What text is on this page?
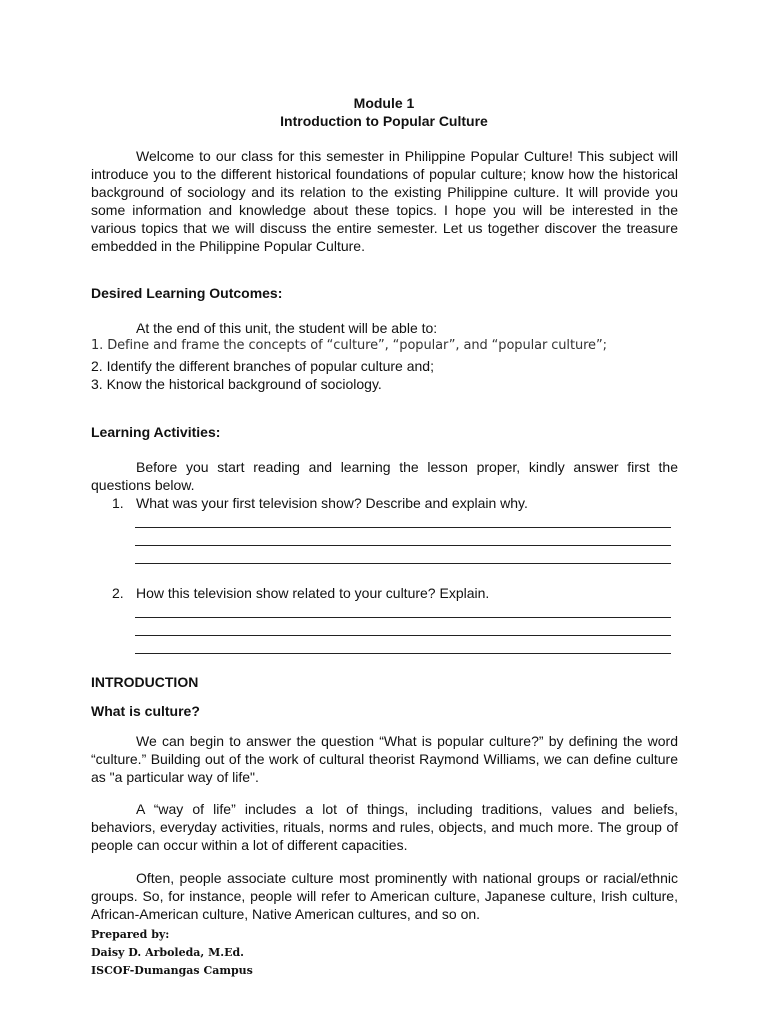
Module 1
Introduction to Popular Culture

Welcome to our class for this semester in Philippine Popular Culture! This subject will introduce you to the different historical foundations of popular culture; know how the historical background of sociology and its relation to the existing Philippine culture. It will provide you some information and knowledge about these topics. I hope you will be interested in the various topics that we will discuss the entire semester. Let us together discover the treasure embedded in the Philippine Popular Culture.

Desired Learning Outcomes:

At the end of this unit, the student will be able to:

1. Define and frame the concepts of “culture”, “popular”, and “popular culture”;

2. Identify the different branches of popular culture and;

3. Know the historical background of sociology.

Learning Activities:

Before you start reading and learning the lesson proper, kindly answer first the questions below.

1. What was your first television show? Describe and explain why.
2. How this television show related to your culture? Explain.

INTRODUCTION

What is culture?

We can begin to answer the question “What is popular culture?” by defining the word “culture.” Building out of the work of cultural theorist Raymond Williams, we can define culture as "a particular way of life".

A “way of life” includes a lot of things, including traditions, values and beliefs, behaviors, everyday activities, rituals, norms and rules, objects, and much more. The group of people can occur within a lot of different capacities.

Often, people associate culture most prominently with national groups or racial/ethnic groups. So, for instance, people will refer to American culture, Japanese culture, Irish culture, African-American culture, Native American cultures, and so on.

Prepared by:
Daisy D. Arboleda, M.Ed.
ISCOF-Dumangas Campus
